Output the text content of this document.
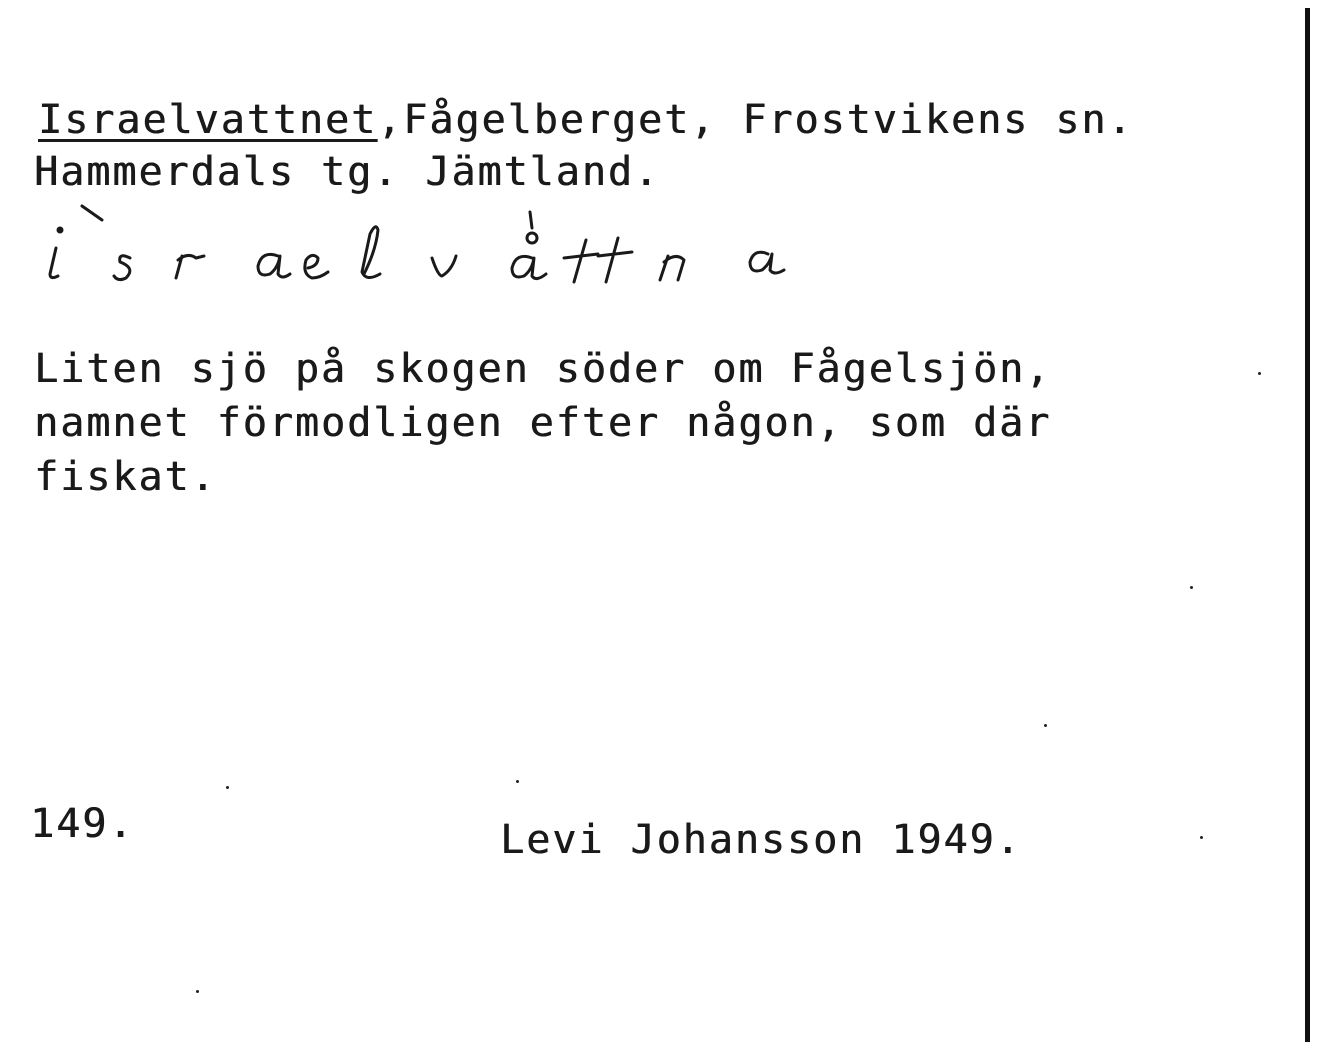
Israelvattnet,Fågelberget, Frostvikens sn.

Hammerdals tg. Jämtland.

Liten sjö på skogen söder om Fågelsjön,
namnet förmodligen efter någon, som där
fiskat.

149.	Levi Johansson 1949.
